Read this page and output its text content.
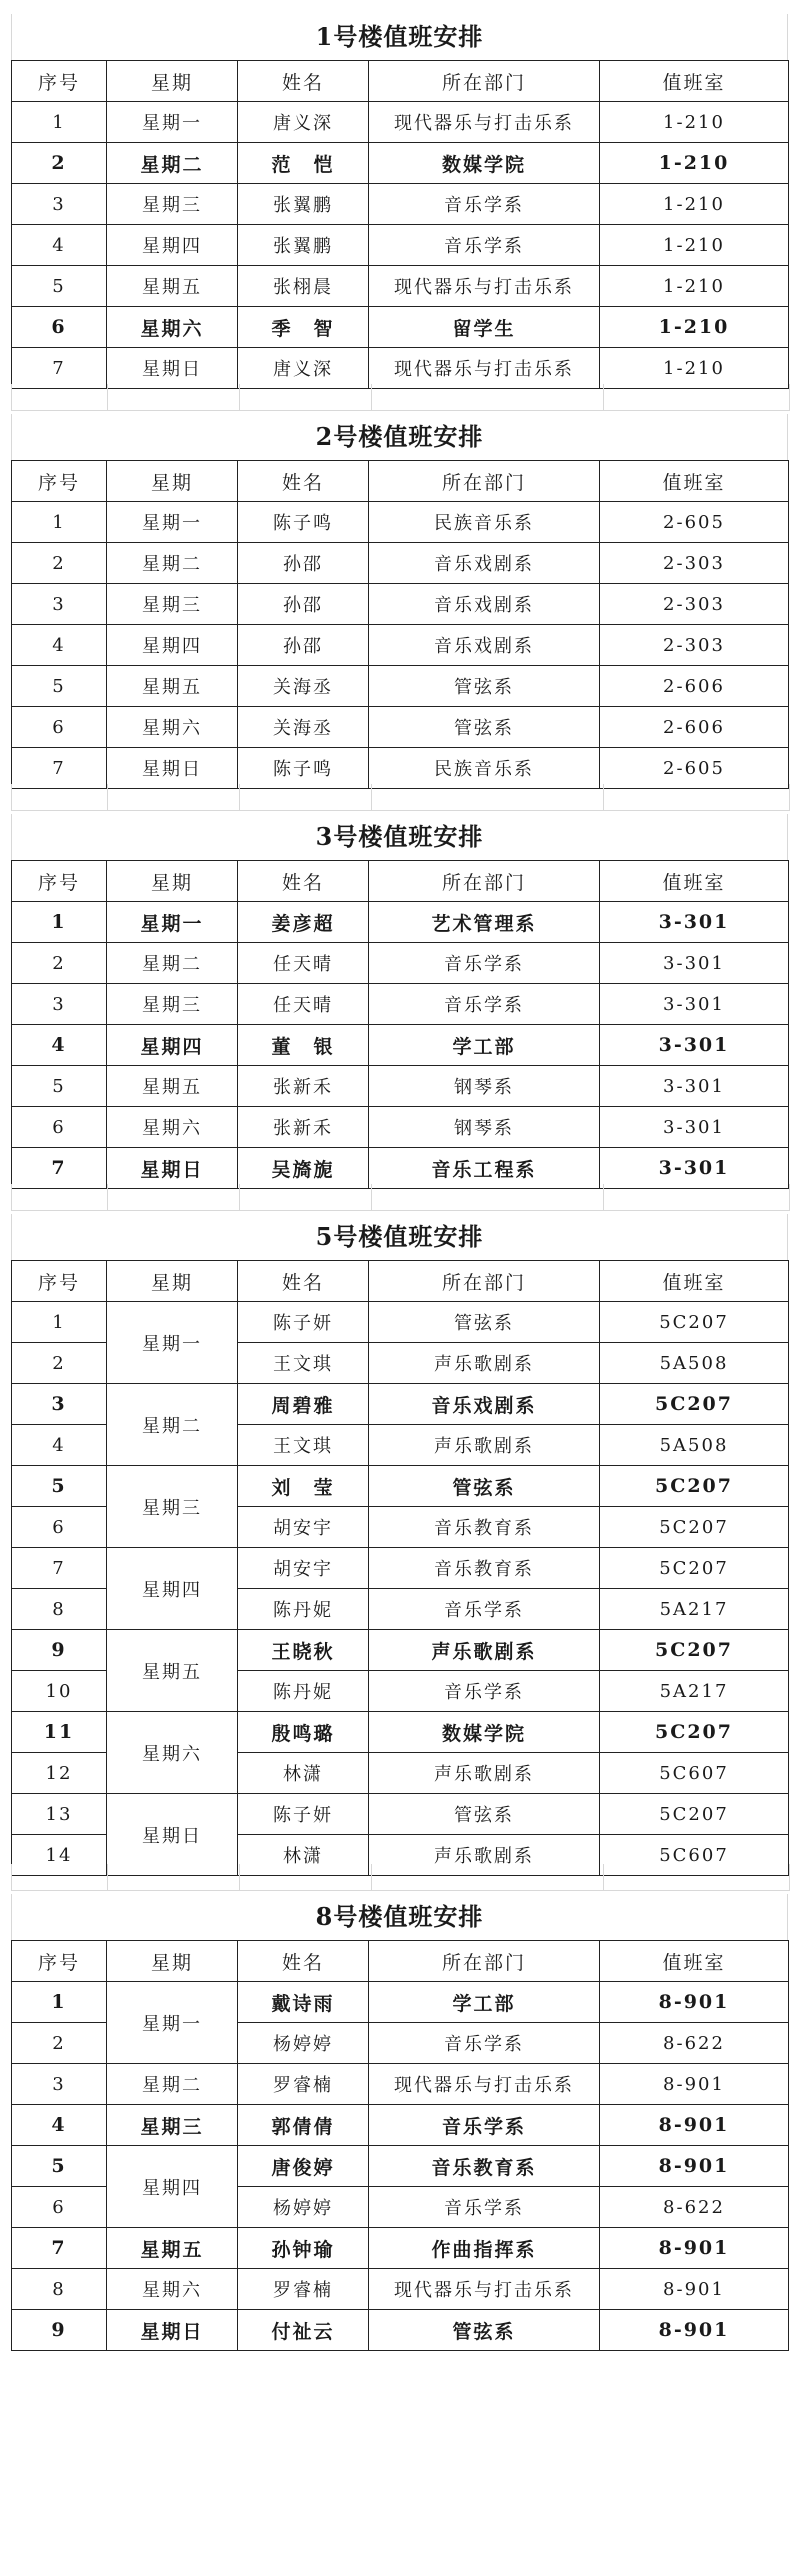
1号楼值班安排
序号	星期	姓名	所在部门	值班室
1	星期一	唐义深	现代器乐与打击乐系	1-210
2	星期二	范　恺	数媒学院	1-210
3	星期三	张翼鹏	音乐学系	1-210
4	星期四	张翼鹏	音乐学系	1-210
5	星期五	张栩晨	现代器乐与打击乐系	1-210
6	星期六	季　智	留学生	1-210
7	星期日	唐义深	现代器乐与打击乐系	1-210
2号楼值班安排
序号	星期	姓名	所在部门	值班室
1	星期一	陈子鸣	民族音乐系	2-605
2	星期二	孙邵	音乐戏剧系	2-303
3	星期三	孙邵	音乐戏剧系	2-303
4	星期四	孙邵	音乐戏剧系	2-303
5	星期五	关海丞	管弦系	2-606
6	星期六	关海丞	管弦系	2-606
7	星期日	陈子鸣	民族音乐系	2-605
3号楼值班安排
序号	星期	姓名	所在部门	值班室
1	星期一	姜彦超	艺术管理系	3-301
2	星期二	任天晴	音乐学系	3-301
3	星期三	任天晴	音乐学系	3-301
4	星期四	董　银	学工部	3-301
5	星期五	张新禾	钢琴系	3-301
6	星期六	张新禾	钢琴系	3-301
7	星期日	吴旖旎	音乐工程系	3-301
5号楼值班安排
序号	星期	姓名	所在部门	值班室
1	星期一	陈子妍	管弦系	5C207
2		王文琪	声乐歌剧系	5A508
3	星期二	周碧雅	音乐戏剧系	5C207
4		王文琪	声乐歌剧系	5A508
5	星期三	刘　莹	管弦系	5C207
6		胡安宇	音乐教育系	5C207
7	星期四	胡安宇	音乐教育系	5C207
8		陈丹妮	音乐学系	5A217
9	星期五	王晓秋	声乐歌剧系	5C207
10		陈丹妮	音乐学系	5A217
11	星期六	殷鸣璐	数媒学院	5C207
12		林潇	声乐歌剧系	5C607
13	星期日	陈子妍	管弦系	5C207
14		林潇	声乐歌剧系	5C607
8号楼值班安排
序号	星期	姓名	所在部门	值班室
1	星期一	戴诗雨	学工部	8-901
2		杨婷婷	音乐学系	8-622
3	星期二	罗睿楠	现代器乐与打击乐系	8-901
4	星期三	郭倩倩	音乐学系	8-901
5	星期四	唐俊婷	音乐教育系	8-901
6		杨婷婷	音乐学系	8-622
7	星期五	孙钟瑜	作曲指挥系	8-901
8	星期六	罗睿楠	现代器乐与打击乐系	8-901
9	星期日	付祉云	管弦系	8-901
